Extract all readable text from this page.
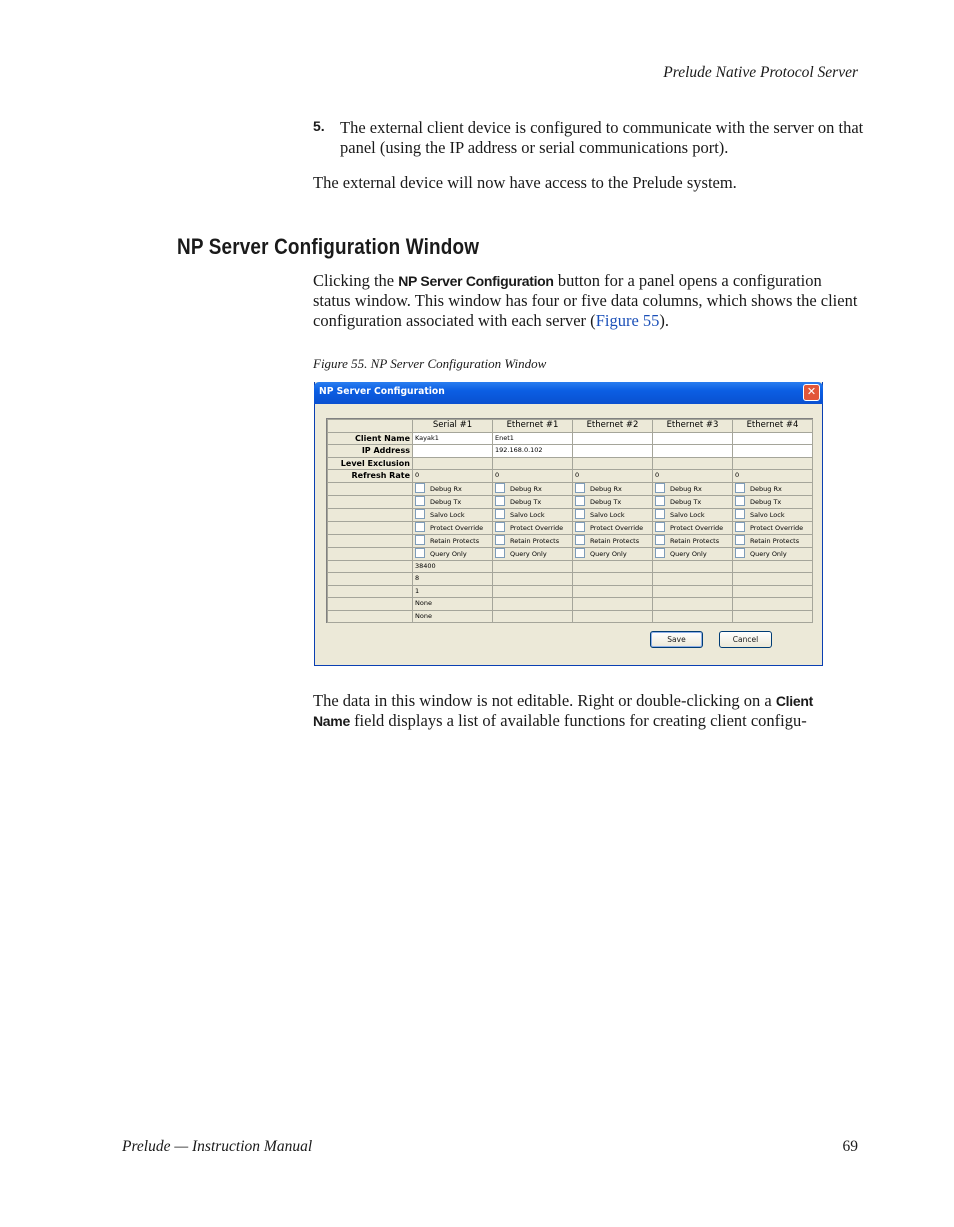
Prelude Native Protocol Server
5. The external client device is configured to communicate with the server on that panel (using the IP address or serial communications port).
The external device will now have access to the Prelude system.
NP Server Configuration Window
Clicking the NP Server Configuration button for a panel opens a configuration status window. This window has four or five data columns, which shows the client configuration associated with each server (Figure 55).
Figure 55. NP Server Configuration Window
NP Server Configuration	✕
	Serial #1	Ethernet #1	Ethernet #2	Ethernet #3	Ethernet #4
Client Name	Kayak1	Enet1			
IP Address		192.168.0.102			
Level Exclusion					
Refresh Rate	0	0	0	0	0
	Debug Rx	Debug Rx	Debug Rx	Debug Rx	Debug Rx
	Debug Tx	Debug Tx	Debug Tx	Debug Tx	Debug Tx
	Salvo Lock	Salvo Lock	Salvo Lock	Salvo Lock	Salvo Lock
	Protect Override	Protect Override	Protect Override	Protect Override	Protect Override
	Retain Protects	Retain Protects	Retain Protects	Retain Protects	Retain Protects
	Query Only	Query Only	Query Only	Query Only	Query Only
	38400				
	8				
	1				
	None				
	None				
Save	Cancel
The data in this window is not editable. Right or double-clicking on a Client
Name field displays a list of available functions for creating client configu-
Prelude — Instruction Manual	69
